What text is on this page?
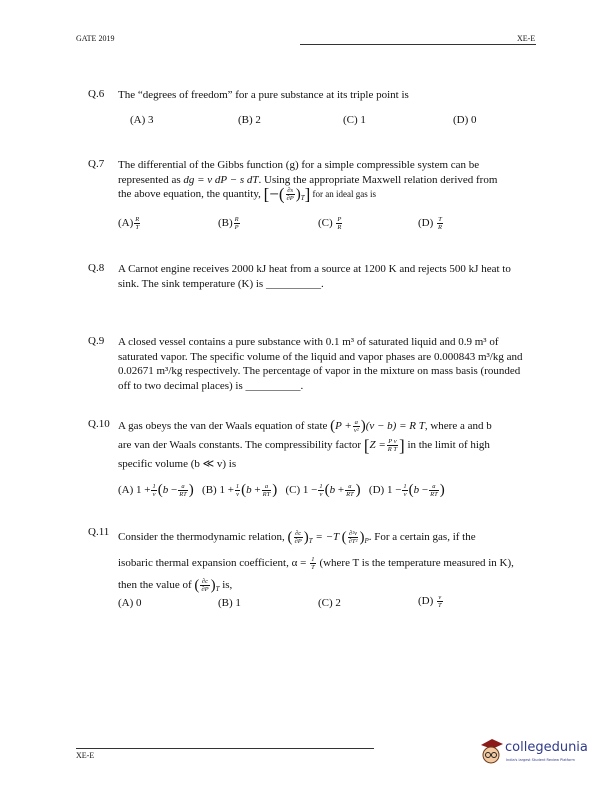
GATE 2019	XE-E
Q.6 The “degrees of freedom” for a pure substance at its triple point is
(A) 3	(B) 2	(C) 1	(D) 0
Q.7 The differential of the Gibbs function (g) for a simple compressible system can be
represented as dg = v dP − s dT. Using the appropriate Maxwell relation derived from
the above equation, the quantity, [−( $\frac{\partial s}{\partial P} )_T$] for an ideal gas is
$(A) \frac{R}{T}$	$(B) \frac{R}{P}$	$(C) \frac{P}{R}$	$(D) \frac{T}{R}$
Q.8 A Carnot engine receives 2000 kJ heat from a source at 1200 K and rejects 500 kJ heat to sink. The sink temperature (K) is __________.
Q.9 A closed vessel contains a pure substance with 0.1 m³ of saturated liquid and 0.9 m³ of saturated vapor. The specific volume of the liquid and vapor phases are 0.000843 m³/kg and 0.02671 m³/kg respectively. The percentage of vapor in the mixture on mass basis (rounded off to two decimal places) is __________.
Q.10 A gas obeys the van der Waals equation of state $(P + \frac{a}{\text{v²}} )(v - b) = R$ T, where a and b
are van der Waals constants. The compressibility factor [$Z = \frac{\text{P v}}{\text{R T}}$ ] in the limit of high
specific volume (b ≪ v) is
(A) $1 + \frac{1}{v} (b - \frac{a}{RT}$ ) (B) $1 + \frac{1}{v} (b + \frac{a}{RT}$ ) (C) $1 - \frac{1}{v} (b + \frac{a}{RT}$ ) (D) $1 - \frac{1}{v} (b - \frac{a}{RT}$ )
Q.11 Consider the thermodynamic relation, ( $\frac{\partial c}{\partial P} )_T = -T$ ( $\frac{\text{∂²v}}{\text{∂T²}} )_P$. For a certain gas, if the
isobaric thermal expansion coefficient, $\alpha = \frac{1}{T}$ (where T is the temperature measured in K),
then the value of ( $\frac{\partial c}{\partial P} )_T$ is,
(A) 0	(B) 1	(C) 2	$(D) \frac{v}{T}$
XE-E
collegedunia
India's largest Student Review Platform
